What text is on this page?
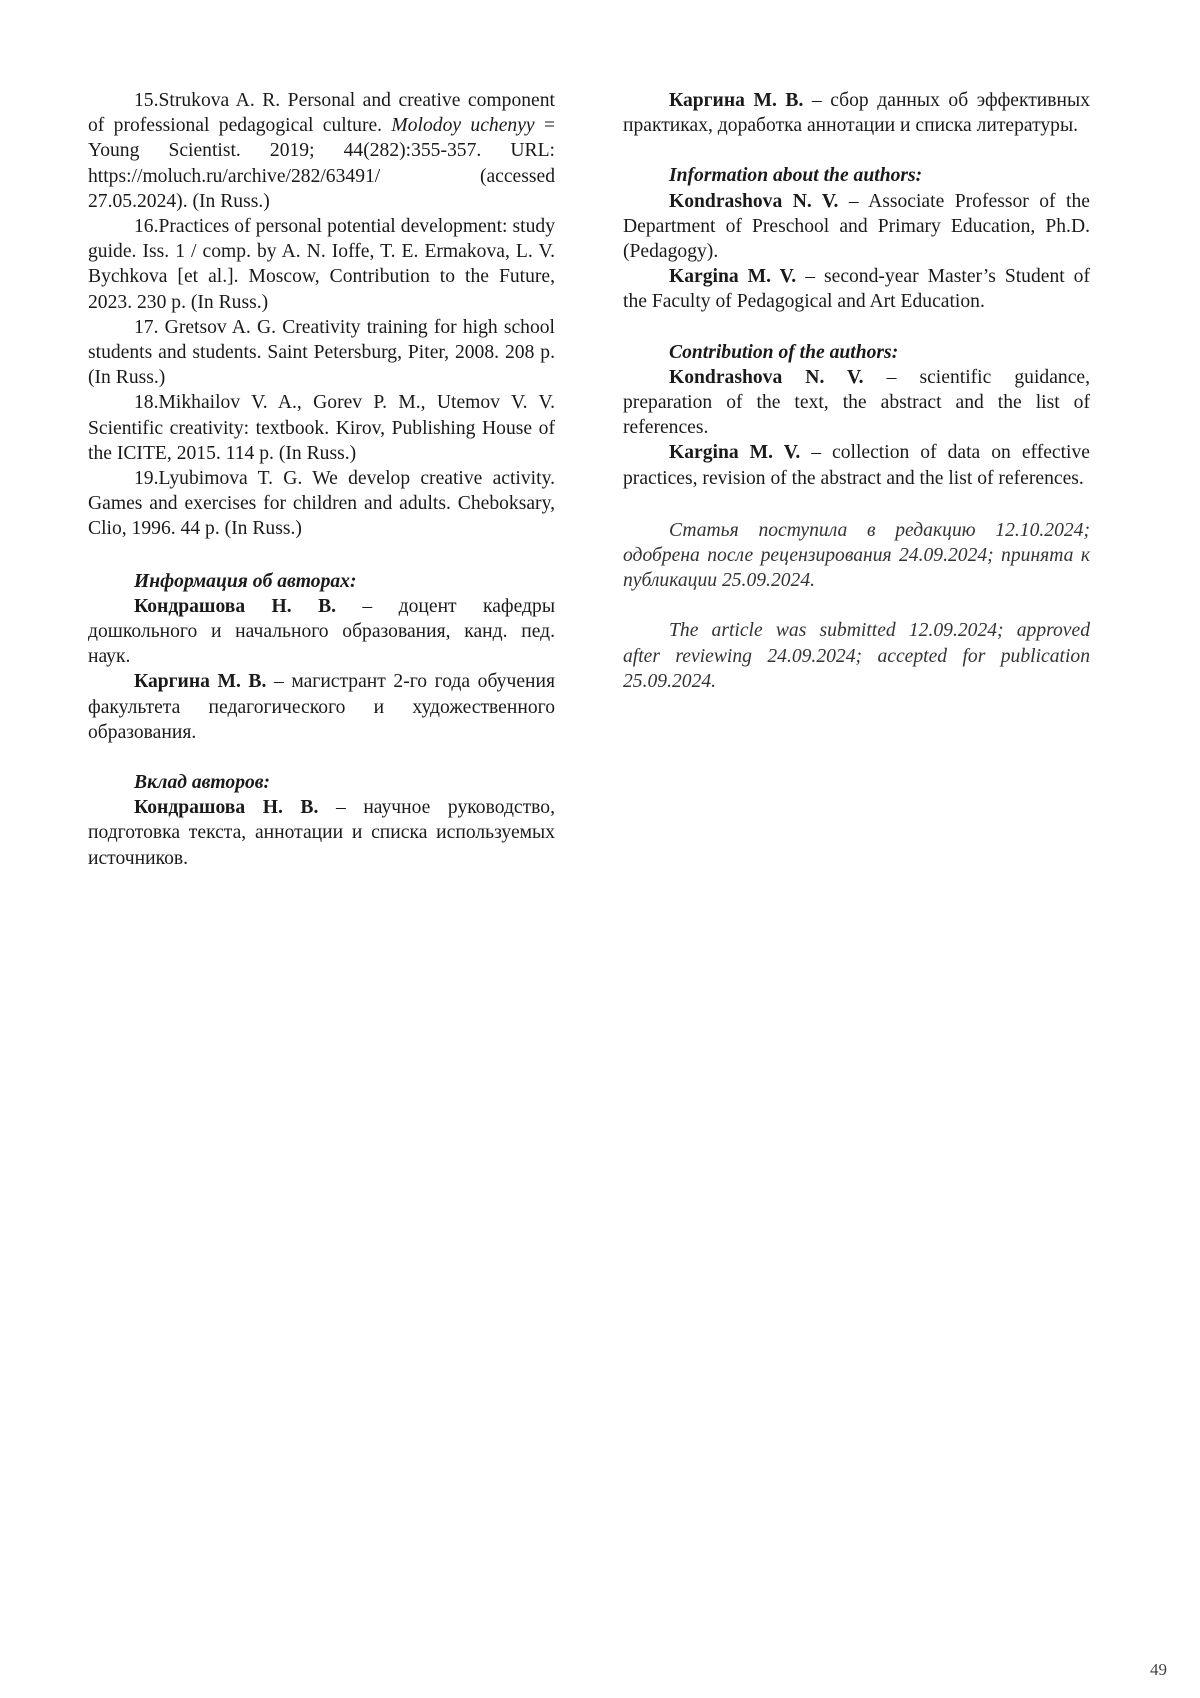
15.Strukova A. R. Personal and creative component of professional pedagogical culture. Molodoy uchenyy = Young Scientist. 2019; 44(282):355-357. URL: https://moluch.ru/archive/282/63491/ (accessed 27.05.2024). (In Russ.)

16.Practices of personal potential development: study guide. Iss. 1 / comp. by A. N. Ioffe, T. E. Ermakova, L. V. Bychkova [et al.]. Moscow, Contribution to the Future, 2023. 230 p. (In Russ.)

17. Gretsov A. G. Creativity training for high school students and students. Saint Petersburg, Piter, 2008. 208 p. (In Russ.)

18.Mikhailov V. A., Gorev P. M., Utemov V. V. Scientific creativity: textbook. Kirov, Publishing House of the ICITE, 2015. 114 p. (In Russ.)

19.Lyubimova T. G. We develop creative activity. Games and exercises for children and adults. Cheboksary, Clio, 1996. 44 p. (In Russ.)

Информация об авторах:

Кондрашова Н. В. – доцент кафедры дошкольного и начального образования, канд. пед. наук.

Каргина М. В. – магистрант 2-го года обучения факультета педагогического и художественного образования.

Вклад авторов:

Кондрашова Н. В. – научное руководство, подготовка текста, аннотации и списка используемых источников.

Каргина М. В. – сбор данных об эффективных практиках, доработка аннотации и списка литературы.

Information about the authors:

Kondrashova N. V. – Associate Professor of the Department of Preschool and Primary Education, Ph.D. (Pedagogy).

Kargina M. V. – second-year Master’s Student of the Faculty of Pedagogical and Art Education.

Contribution of the authors:

Kondrashova N. V. – scientific guidance, preparation of the text, the abstract and the list of references.

Kargina M. V. – collection of data on effective practices, revision of the abstract and the list of references.

Статья поступила в редакцию 12.10.2024; одобрена после рецензирования 24.09.2024; принята к публикации 25.09.2024.

The article was submitted 12.09.2024; approved after reviewing 24.09.2024; accepted for publication 25.09.2024.

49
